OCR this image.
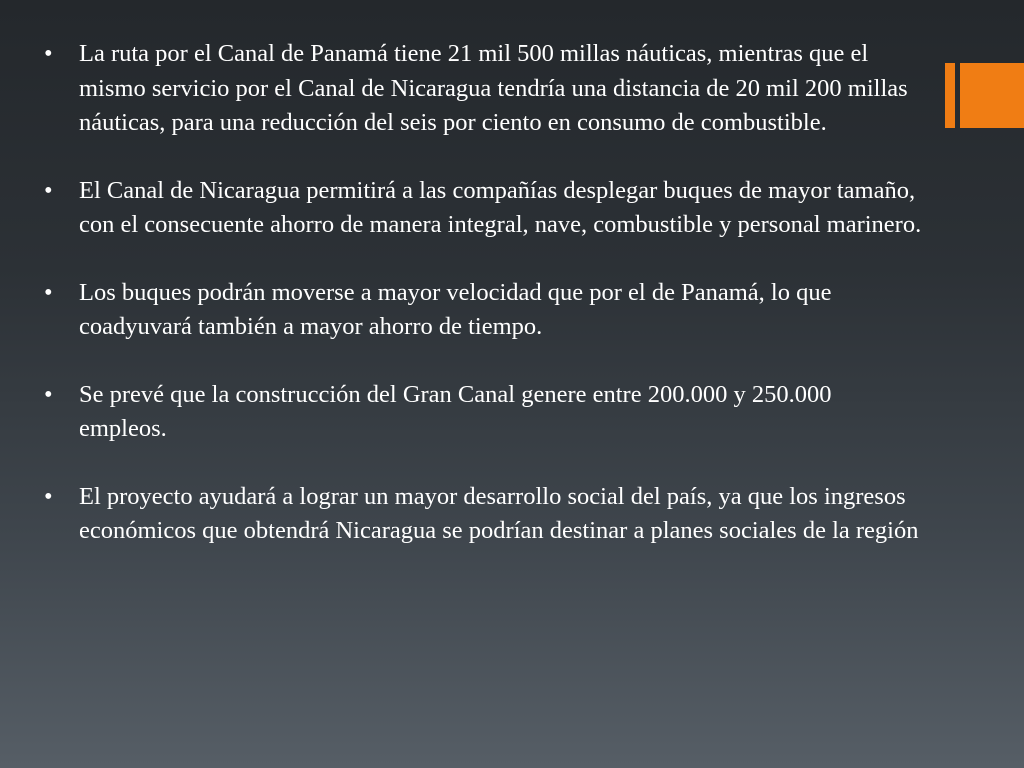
•	La ruta por el Canal de Panamá tiene 21 mil 500 millas náuticas, mientras que el mismo servicio por el Canal de Nicaragua tendría una distancia de 20 mil 200 millas náuticas, para una reducción del seis por ciento en consumo de combustible.
•	El Canal de Nicaragua permitirá a las compañías desplegar buques de mayor tamaño, con el consecuente ahorro de manera integral, nave, combustible y personal marinero.
•	Los buques podrán moverse a mayor velocidad que por el de Panamá, lo que coadyuvará también a mayor ahorro de tiempo.
•	Se prevé que la construcción del Gran Canal genere entre 200.000 y 250.000 empleos.
•	El proyecto ayudará a lograr un mayor desarrollo social del país, ya que los ingresos económicos que obtendrá Nicaragua se podrían destinar a planes sociales de la región
